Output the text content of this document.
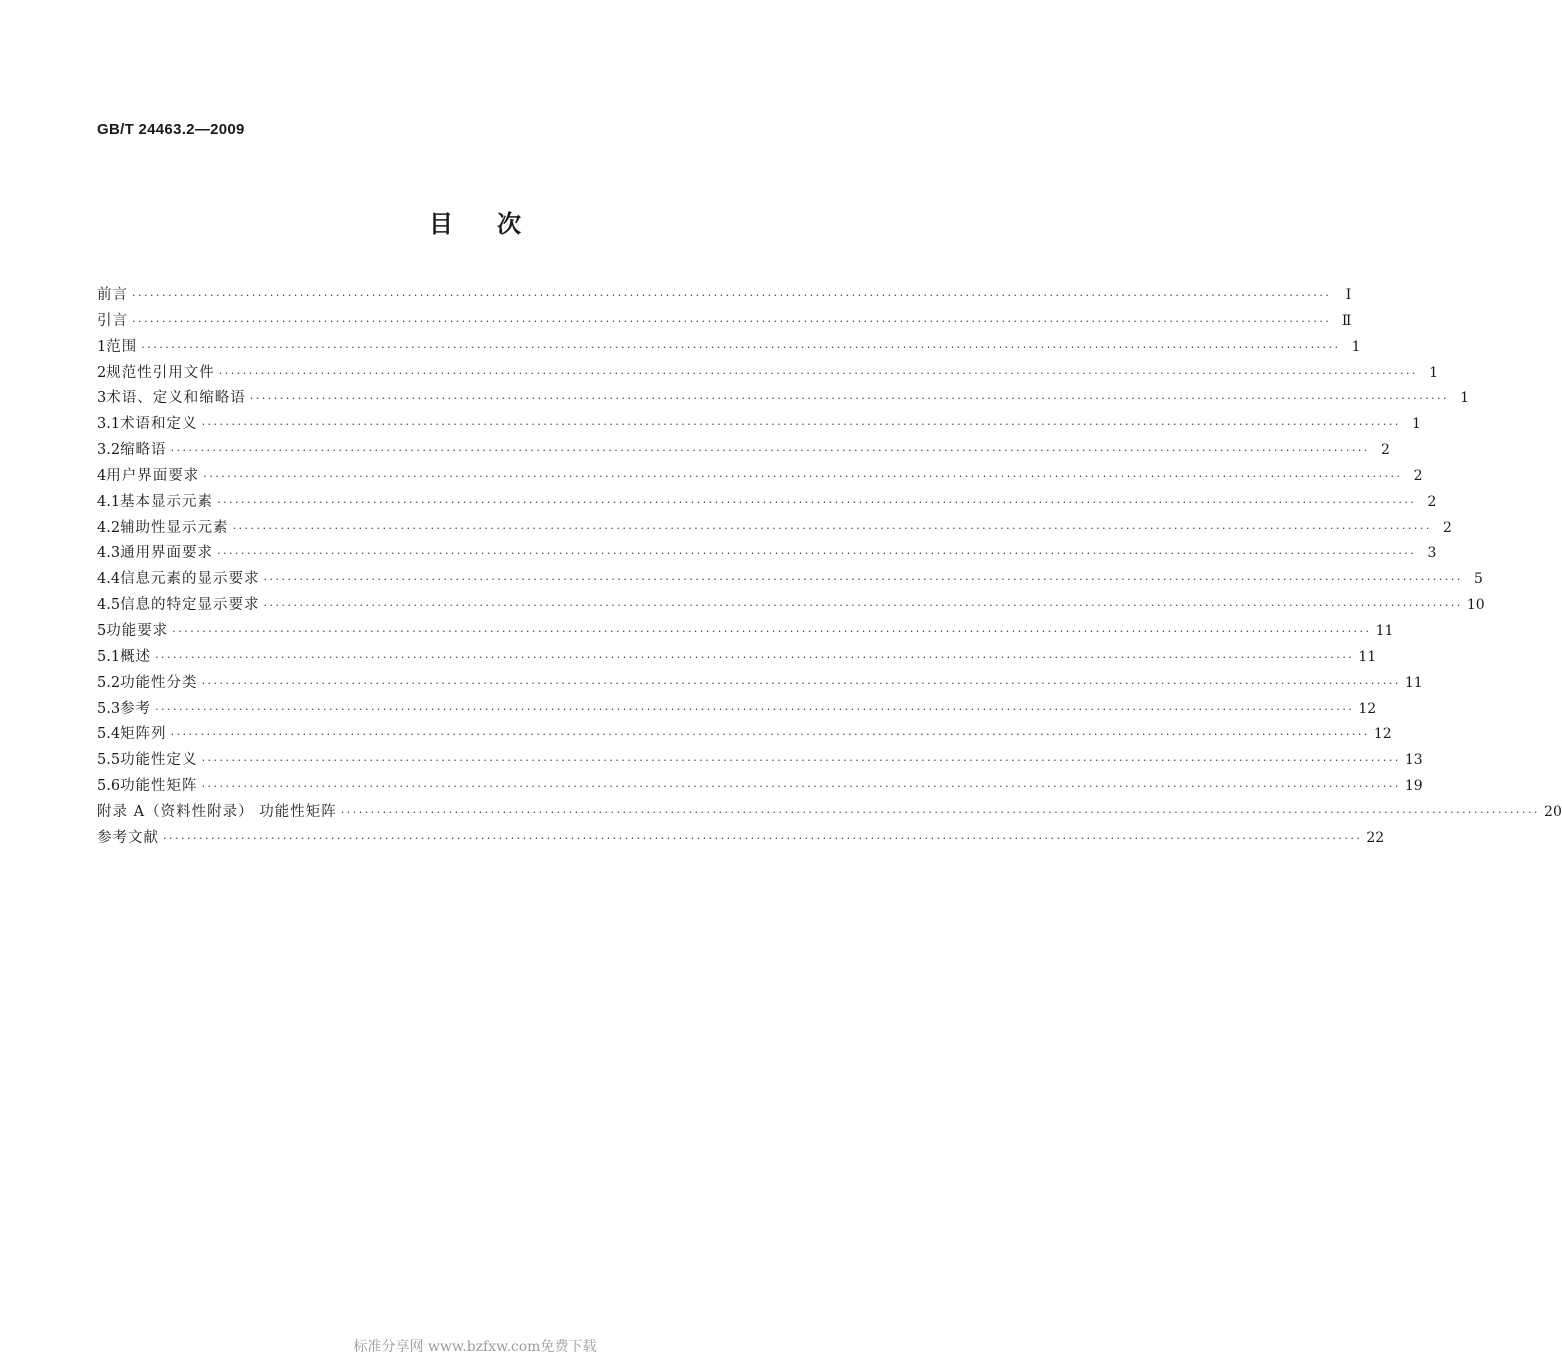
GB/T 24463.2—2009
目次
前言 ········································································································································································································	Ⅰ
引言 ········································································································································································································ Ⅱ
1 范围 ········································································································································································································ 1
2 规范性引用文件 ········································································································································································································ 1
3 术语、定义和缩略语 ········································································································································································································ 1
3.1 术语和定义 ········································································································································································································ 1
3.2 缩略语 ········································································································································································································ 2
4 用户界面要求 ········································································································································································································ 2
4.1 基本显示元素 ········································································································································································································ 2
4.2 辅助性显示元素 ········································································································································································································ 2
4.3 通用界面要求 ········································································································································································································ 3
4.4 信息元素的显示要求 ········································································································································································································ 5
4.5 信息的特定显示要求 ········································································································································································································ 10
5 功能要求 ········································································································································································································ 11
5.1 概述 ········································································································································································································ 11
5.2 功能性分类 ········································································································································································································ 11
5.3 参考 ········································································································································································································ 12
5.4 矩阵列 ········································································································································································································ 12
5.5 功能性定义 ········································································································································································································ 13
5.6 功能性矩阵 ········································································································································································································ 19
附录 A（资料性附录） 功能性矩阵 ········································································································································································································ 20
参考文献 ········································································································································································································ 22
标准分享网 www.bzfxw.com免费下载
